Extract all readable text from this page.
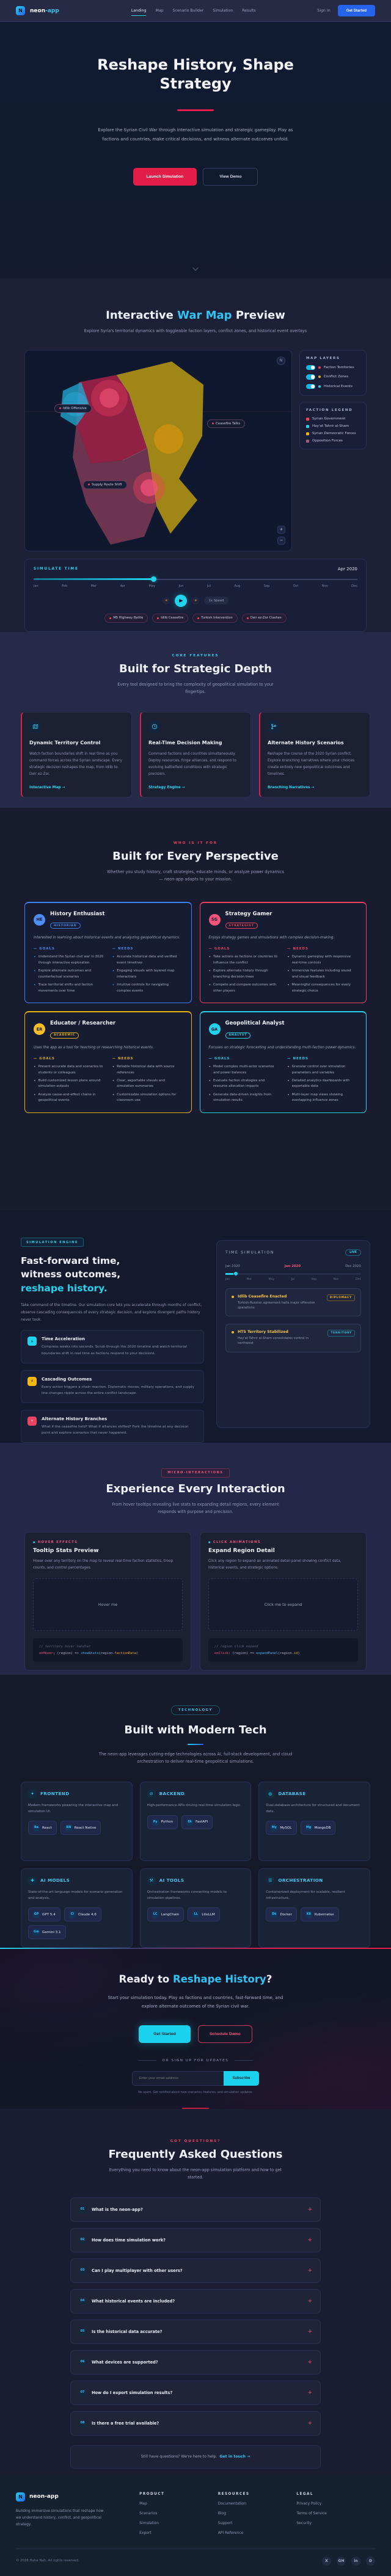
N	neon-app	Landing Map Scenario Builder Simulation Results	Sign In	Get Started
Reshape History, Shape Strategy

Explore the Syrian Civil War through interactive simulation and strategic gameplay. Play as factions and countries, make critical decisions, and witness alternate outcomes unfold.

Launch Simulation	View Demo
Interactive War Map Preview

Explore Syria's territorial dynamics with toggleable faction layers, conflict zones, and historical event overlays

N
Idlib Offensive
Ceasefire Talks
Supply Route Shift
+
−
MAP LAYERS
Faction Territories
Conflict Zones
Historical Events
FACTION LEGEND
Syrian Government
Hay'at Tahrir al-Sham
Syrian Democratic Forces
Opposition Forces
SIMULATE TIME	Apr 2020
Jan	Feb	Mar	Apr	May	Jun	Jul	Aug	Sep	Oct	Nov	Dec
«	▶	»	1x Speed
M5 Highway Battle	Idlib Ceasefire	Turkish Intervention	Deir ez-Zor Clashes
CORE FEATURES
Built for Strategic Depth

Every tool designed to bring the complexity of geopolitical simulation to your fingertips.

Dynamic Territory Control

Watch faction boundaries shift in real time as you command forces across the Syrian landscape. Every strategic decision reshapes the map, from Idlib to Deir ez-Zor.

Interactive Map →
Real-Time Decision Making

Command factions and countries simultaneously. Deploy resources, forge alliances, and respond to evolving battlefield conditions with strategic precision.

Strategy Engine →
Alternate History Scenarios

Reshape the course of the 2020 Syrian conflict. Explore branching narratives where your choices create entirely new geopolitical outcomes and timelines.

Branching Narratives →
WHO IS IT FOR
Built for Every Perspective

Whether you study history, craft strategies, educate minds, or analyze power dynamics — neon-app adapts to your mission.

HE
History Enthusiast
HISTORIAN

Interested in learning about historical events and analyzing geopolitical dynamics.

— GOALS
• Understand the Syrian civil war in 2020 through interactive exploration
• Explore alternate outcomes and counterfactual scenarios
• Trace territorial shifts and faction movements over time
— NEEDS
• Accurate historical data and verified event timelines
• Engaging visuals with layered map interactions
• Intuitive controls for navigating complex events
SG
Strategy Gamer
STRATEGIST

Enjoys strategy games and simulations with complex decision-making.

— GOALS
• Take actions as factions or countries to influence the conflict
• Explore alternate history through branching decision trees
• Compete and compare outcomes with other players
— NEEDS
• Dynamic gameplay with responsive real-time controls
• Immersive features including sound and visual feedback
• Meaningful consequences for every strategic choice
ER
Educator / Researcher
ACADEMIC

Uses the app as a tool for teaching or researching historical events.

— GOALS
• Present accurate data and scenarios to students or colleagues
• Build customized lesson plans around simulation outputs
• Analyze cause-and-effect chains in geopolitical events
— NEEDS
• Reliable historical data with source references
• Clear, exportable visuals and simulation summaries
• Customizable simulation options for classroom use
GA
Geopolitical Analyst
ANALYST

Focuses on strategic forecasting and understanding multi-faction power dynamics.

— GOALS
• Model complex multi-actor scenarios and power balances
• Evaluate faction strategies and resource allocation impacts
• Generate data-driven insights from simulation results
— NEEDS
• Granular control over simulation parameters and variables
• Detailed analytics dashboards with exportable data
• Multi-layer map views showing overlapping influence zones
SIMULATION ENGINE
Fast-forward time,
witness outcomes,
reshape history.

Take command of the timeline. Our simulation core lets you accelerate through months of conflict, observe cascading consequences of every strategic decision, and explore divergent paths history never took.

»	Time Acceleration

Compress weeks into seconds. Scrub through the 2020 timeline and watch territorial boundaries shift in real time as factions respond to your decisions.

⚡	Cascading Outcomes

Every action triggers a chain reaction. Diplomatic moves, military operations, and supply line changes ripple across the entire conflict landscape.

⑂	Alternate History Branches

What if the ceasefire held? What if alliances shifted? Fork the timeline at any decision point and explore scenarios that never happened.

TIME SIMULATION	LIVE
Jan 2020	Jan 2020	Dec 2020
Jan	Mar	May	Jul	Sep	Nov	Dec
Idlib Ceasefire Enacted

Turkish-Russian agreement halts major offensive operations

DIPLOMACY
HTS Territory Stabilized

Hay'at Tahrir al-Sham consolidates control in northwest

TERRITORY
MICRO-INTERACTIONS
Experience Every Interaction

From hover tooltips revealing live stats to expanding detail regions, every element responds with purpose and precision.

● HOVER EFFECTS
Tooltip Stats Preview

Hover over any territory on the map to reveal real-time faction statistics, troop counts, and control percentages.

Hover me
// territory hover handler
onHover: (region) => showStats(region.factionData)
● CLICK ANIMATIONS
Expand Region Detail

Click any region to expand an animated detail panel showing conflict data, historical events, and strategic options.

Click me to expand
// region click expand
onClick: (region) => expandPanel(region.id)
TECHNOLOGY
Built with Modern Tech

The neon-app leverages cutting-edge technologies across AI, full-stack development, and cloud orchestration to deliver real-time geopolitical simulations.

✦	FRONTEND

Modern frameworks powering the interactive map and simulation UI.

Re	React	RN React Native
⊘	BACKEND

High-performance APIs driving real-time simulation logic.

Py	Python	FA	FastAPI
◍	DATABASE

Dual-database architecture for structured and document data.

My MySQL	Mg MongoDB
✚	AI MODELS

State-of-the-art language models for scenario generation and analysis.

GP	GPT 5.4	Cl	Claude 4.6
Gm Gemini 3.1
⚒	AI TOOLS

Orchestration frameworks connecting models to simulation pipelines.

LC	LangChain	LL	LiteLLM
☰	ORCHESTRATION

Containerized deployment for scalable, resilient infrastructure.

Dk	Docker	K8	Kubernetes
Ready to Reshape History?

Start your simulation today. Play as factions and countries, fast-forward time, and explore alternate outcomes of the Syrian civil war.

Get Started	Schedule Demo
OR SIGN UP FOR UPDATES
Enter your email address
Subscribe
No spam. Get notified about new scenarios, features, and simulation updates.
GOT QUESTIONS?
Frequently Asked Questions

Everything you need to know about the neon-app simulation platform and how to get started.

01	What is the neon-app?	+
02	How does time simulation work?	+
03	Can I play multiplayer with other users?	+
04	What historical events are included?	+
05	Is the historical data accurate?	+
06	What devices are supported?	+
07	How do I export simulation results?	+
08	Is there a free trial available?	+
Still have questions? We're here to help. Get in touch →
N	neon-app

Building immersive simulations that reshape how we understand history, conflict, and geopolitical strategy.

PRODUCT
Map
Scenarios
Simulation
Export
RESOURCES
Documentation
Blog
Support
API Reference
LEGAL
Privacy Policy
Terms of Service
Security
© 2026 Haha Nah. All rights reserved.	X	GH	in	D
